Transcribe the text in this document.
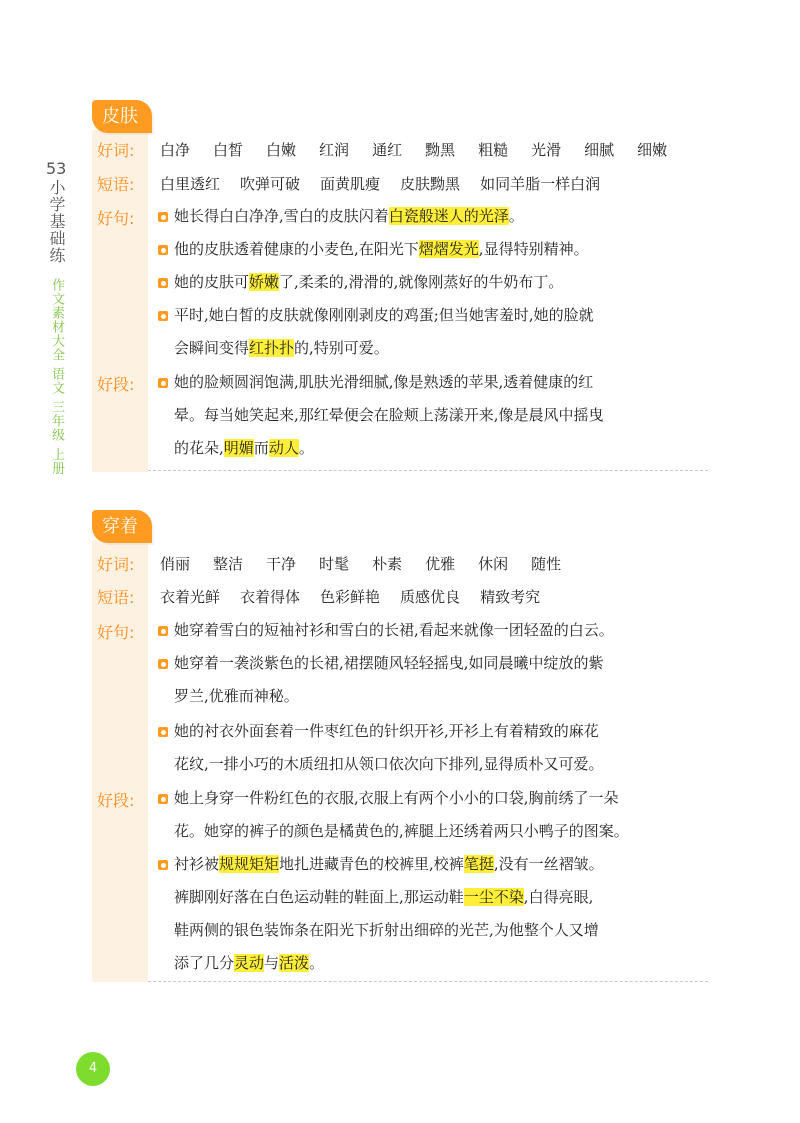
53
小学基础练
作文素材大全 语文 三年级 上册
皮肤
好词:	白净 白皙 白嫩 红润 通红 黝黑 粗糙 光滑 细腻 细嫩
短语:	白里透红 吹弹可破 面黄肌瘦 皮肤黝黑 如同羊脂一样白润
好句:	她长得白白净净,雪白的皮肤闪着白瓷般迷人的光泽。
他的皮肤透着健康的小麦色,在阳光下熠熠发光,显得特别精神。
她的皮肤可娇嫩了,柔柔的,滑滑的,就像刚蒸好的牛奶布丁。
平时,她白皙的皮肤就像刚刚剥皮的鸡蛋;但当她害羞时,她的脸就
会瞬间变得红扑扑的,特别可爱。
好段:	她的脸颊圆润饱满,肌肤光滑细腻,像是熟透的苹果,透着健康的红
晕。每当她笑起来,那红晕便会在脸颊上荡漾开来,像是晨风中摇曳
的花朵,明媚而动人。
穿着
好词:	俏丽 整洁 干净 时髦 朴素 优雅 休闲 随性
短语:	衣着光鲜 衣着得体 色彩鲜艳 质感优良 精致考究
好句:	她穿着雪白的短袖衬衫和雪白的长裙,看起来就像一团轻盈的白云。
她穿着一袭淡紫色的长裙,裙摆随风轻轻摇曳,如同晨曦中绽放的紫
罗兰,优雅而神秘。
她的衬衣外面套着一件枣红色的针织开衫,开衫上有着精致的麻花
花纹,一排小巧的木质纽扣从领口依次向下排列,显得质朴又可爱。
好段:	她上身穿一件粉红色的衣服,衣服上有两个小小的口袋,胸前绣了一朵
花。她穿的裤子的颜色是橘黄色的,裤腿上还绣着两只小鸭子的图案。
衬衫被规规矩矩地扎进藏青色的校裤里,校裤笔挺,没有一丝褶皱。
裤脚刚好落在白色运动鞋的鞋面上,那运动鞋一尘不染,白得亮眼,
鞋两侧的银色装饰条在阳光下折射出细碎的光芒,为他整个人又增
添了几分灵动与活泼。
4
